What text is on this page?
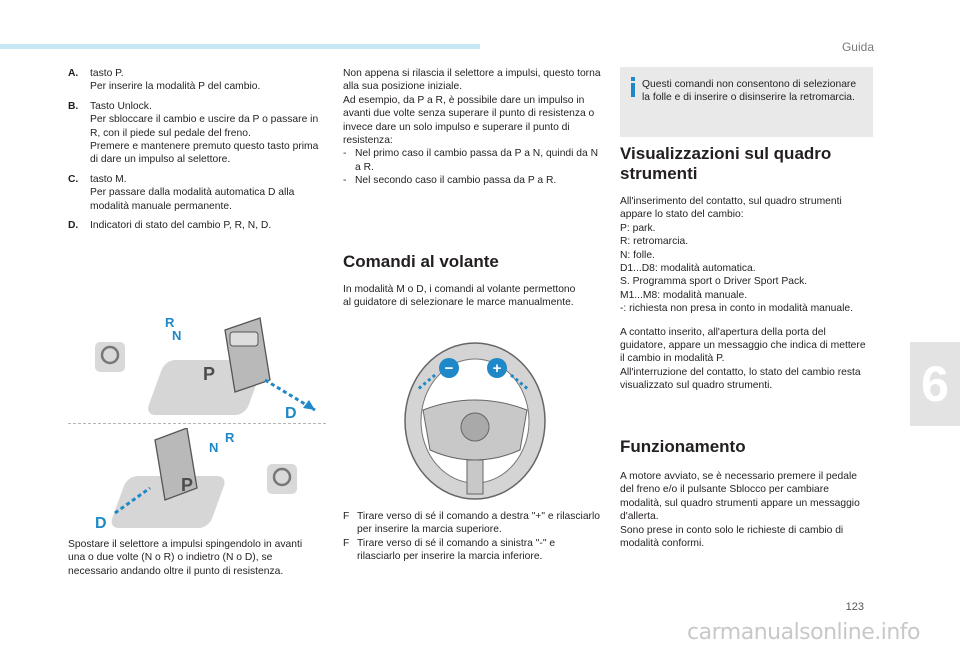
Guida
6
123
carmanualsonline.info
A.	tasto P.
Per inserire la modalità P del cambio.
B.	Tasto Unlock.
Per sbloccare il cambio e uscire da P o passare in R, con il piede sul pedale del freno.
Premere e mantenere premuto questo tasto prima di dare un impulso al selettore.
C.	tasto M.
Per passare dalla modalità automatica D alla modalità manuale permanente.
D.	Indicatori di stato del cambio P, R, N, D.
P
D
R
N
P
D
R
N
Spostare il selettore a impulsi spingendolo in avanti una o due volte (N o R) o indietro (N o D), se necessario andando oltre il punto di resistenza.

Non appena si rilascia il selettore a impulsi, questo torna alla sua posizione iniziale.

Ad esempio, da P a R, è possibile dare un impulso in avanti due volte senza superare il punto di resistenza o invece dare un solo impulso e superare il punto di resistenza:

- Nel primo caso il cambio passa da P a N, quindi da N a R.
- Nel secondo caso il cambio passa da P a R.
Comandi al volante
In modalità M o D, i comandi al volante permettono al guidatore di selezionare le marce manualmente.
−	+
F Tirare verso di sé il comando a destra "+" e rilasciarlo per inserire la marcia superiore.
F Tirare verso di sé il comando a sinistra "-" e rilasciarlo per inserire la marcia inferiore.
Questi comandi non consentono di selezionare la folle e di inserire o disinserire la retromarcia.
Visualizzazioni sul quadro strumenti
All'inserimento del contatto, sul quadro strumenti appare lo stato del cambio:
P: park.
R: retromarcia.
N: folle.
D1...D8: modalità automatica.
S. Programma sport o Driver Sport Pack.
M1...M8: modalità manuale.
-: richiesta non presa in conto in modalità manuale.
A contatto inserito, all'apertura della porta del guidatore, appare un messaggio che indica di mettere il cambio in modalità P.
All'interruzione del contatto, lo stato del cambio resta visualizzato sul quadro strumenti.
Funzionamento
A motore avviato, se è necessario premere il pedale del freno e/o il pulsante Sblocco per cambiare modalità, sul quadro strumenti appare un messaggio d'allerta.
Sono prese in conto solo le richieste di cambio di modalità conformi.
